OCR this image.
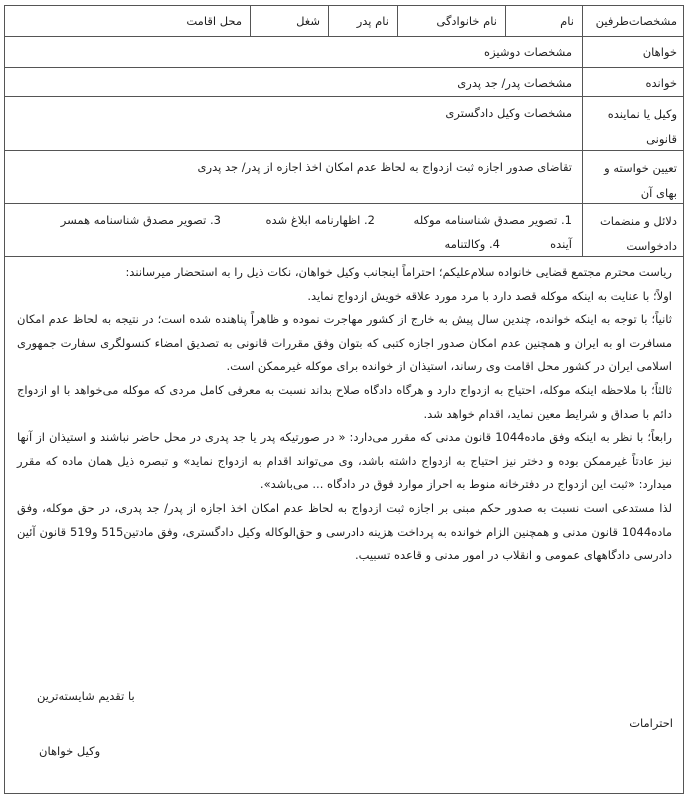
مشخصات‌طرفین
نام
نام خانوادگی
نام پدر
شغل
محل اقامت
خواهان
مشخصات دوشیزه
خوانده
مشخصات پدر/ جد پدری
وکیل یا نماینده قانونی
مشخصات وکیل دادگستری
تعیین خواسته و بهای آن
تقاضای صدور اجازه ثبت ازدواج به لحاظ عدم امکان اخذ اجازه از پدر/ جد پدری
دلائل و منضمات دادخواست
1. تصویر مصدق شناسنامه موکله
2. اظهارنامه ابلاغ شده
3. تصویر مصدق شناسنامه همسر
آینده
4. وکالتنامه

ریاست محترم مجتمع قضایی خانواده سلام‌علیکم؛ احتراماً اینجانب وکیل خواهان، نکات ذیل را به استحضار میرسانند:

اولاً؛ با عنایت به اینکه موکله قصد دارد با مرد مورد علاقه خویش ازدواج نماید.

ثانیاً؛ با توجه به اینکه خوانده، چندین سال پیش به خارج از کشور مهاجرت نموده و ظاهراً پناهنده شده است؛ در نتیجه به لحاظ عدم امکان مسافرت او به ایران و همچنین عدم امکان صدور اجازه کتبی که بتوان وفق مقررات قانونی به تصدیق امضاء کنسولگری سفارت جمهوری اسلامی ایران در کشور محل اقامت وی رساند، استیذان از خوانده برای موکله غیرممکن است.

ثالثاً؛ با ملاحظه اینکه موکله، احتیاج به ازدواج دارد و هرگاه دادگاه صلاح بداند نسبت به معرفی کامل مردی که موکله می‌خواهد با او ازدواج دائم با صداق و شرایط معین نماید، اقدام خواهد شد.

رابعاً؛ با نظر به اینکه وفق ماده1044 قانون مدنی که مقرر می‌دارد: « در صورتیکه پدر یا جد پدری در محل حاضر نباشند و استیذان از آنها نیز عادتاً غیرممکن بوده و دختر نیز احتیاج به ازدواج داشته باشد، وی می‌تواند اقدام به ازدواج نماید» و تبصره ذیل همان ماده که مقرر میدارد: «ثبت این ازدواج در دفترخانه منوط به احراز موارد فوق در دادگاه ... می‌باشد».

لذا مستدعی است نسبت به صدور حکم مبنی بر اجازه ثبت ازدواج به لحاظ عدم امکان اخذ اجازه از پدر/ جد پدری، در حق موکله، وفق ماده1044 قانون مدنی و همچنین الزام خوانده به پرداخت هزینه دادرسی و حق‌الوکاله وکیل دادگستری، وفق مادتین515 و519 قانون آئین دادرسی دادگاههای عمومی و انقلاب در امور مدنی و قاعده تسبیب.

با تقدیم شایسته‌ترین
احترامات
وکیل خواهان
